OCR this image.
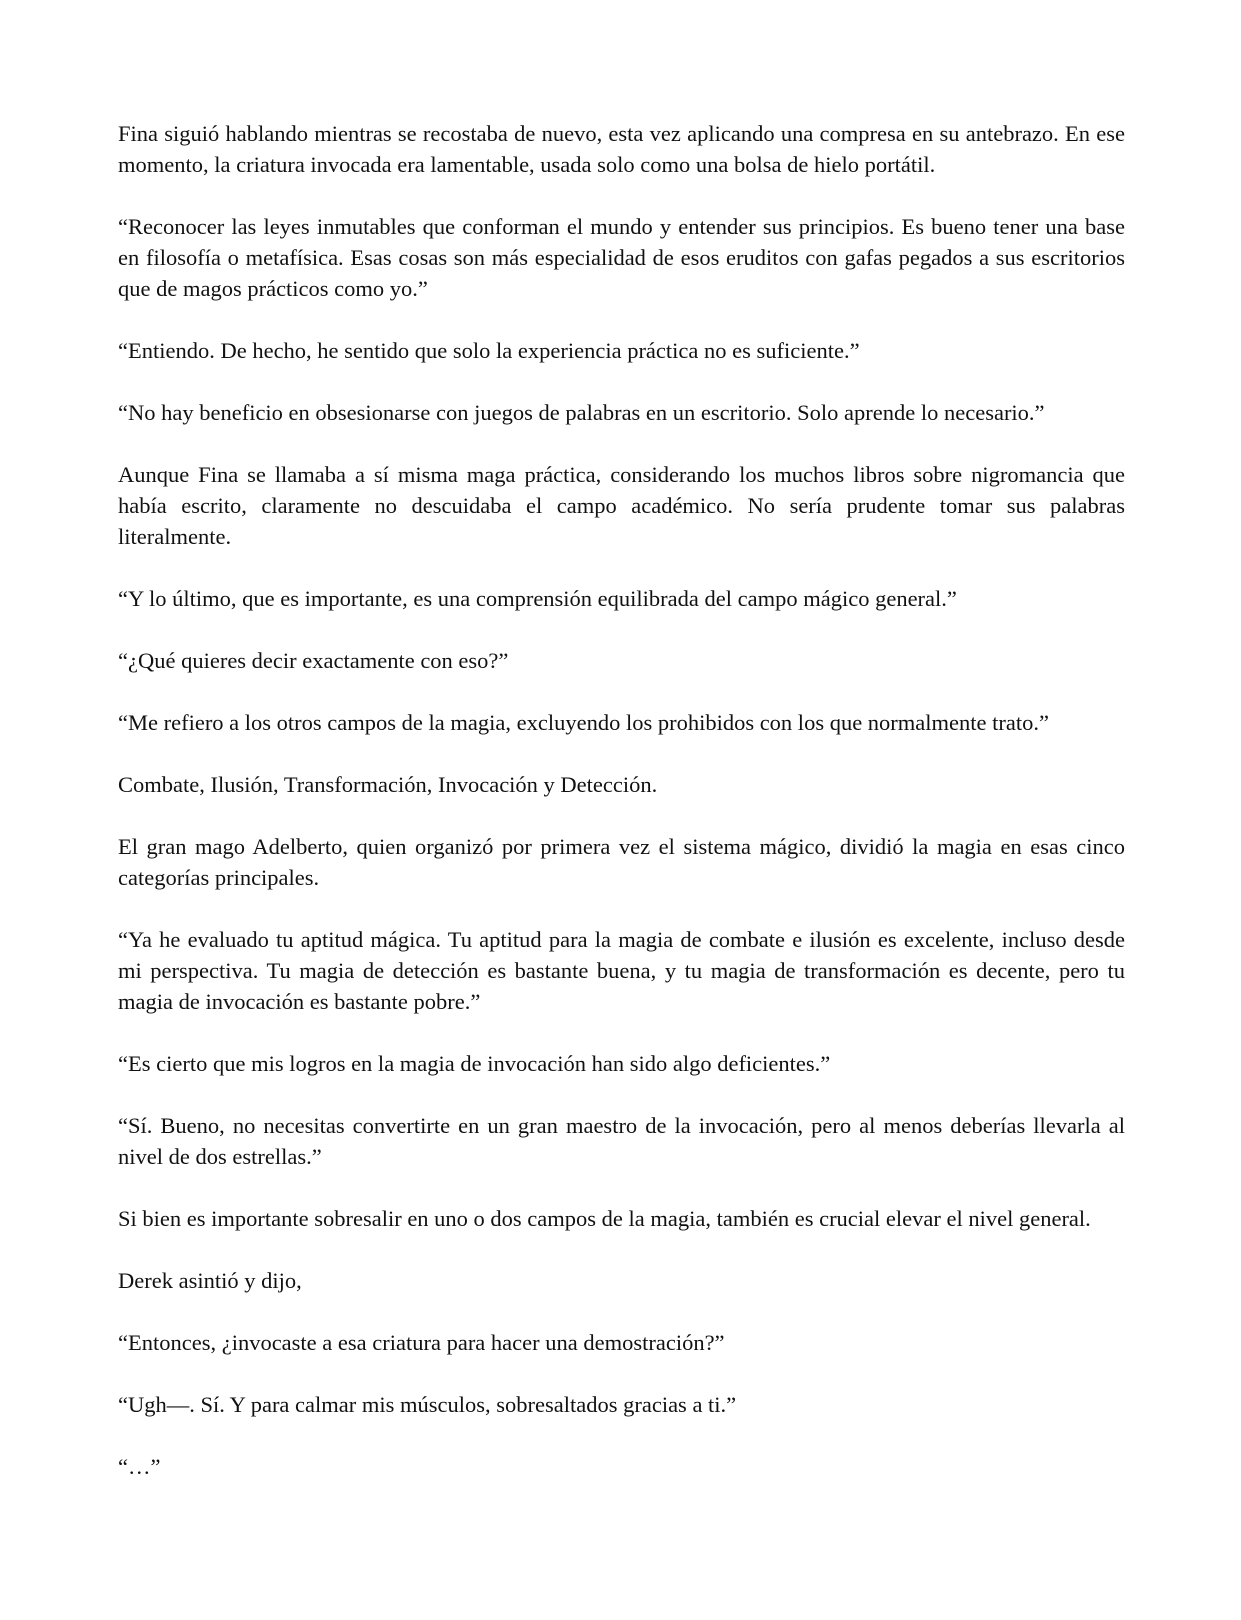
Fina siguió hablando mientras se recostaba de nuevo, esta vez aplicando una compresa en su antebrazo. En ese momento, la criatura invocada era lamentable, usada solo como una bolsa de hielo portátil.

“Reconocer las leyes inmutables que conforman el mundo y entender sus principios. Es bueno tener una base en filosofía o metafísica. Esas cosas son más especialidad de esos eruditos con gafas pegados a sus escritorios que de magos prácticos como yo.”

“Entiendo. De hecho, he sentido que solo la experiencia práctica no es suficiente.”

“No hay beneficio en obsesionarse con juegos de palabras en un escritorio. Solo aprende lo necesario.”

Aunque Fina se llamaba a sí misma maga práctica, considerando los muchos libros sobre nigromancia que había escrito, claramente no descuidaba el campo académico. No sería prudente tomar sus palabras literalmente.

“Y lo último, que es importante, es una comprensión equilibrada del campo mágico general.”

“¿Qué quieres decir exactamente con eso?”

“Me refiero a los otros campos de la magia, excluyendo los prohibidos con los que normalmente trato.”

Combate, Ilusión, Transformación, Invocación y Detección.

El gran mago Adelberto, quien organizó por primera vez el sistema mágico, dividió la magia en esas cinco categorías principales.

“Ya he evaluado tu aptitud mágica. Tu aptitud para la magia de combate e ilusión es excelente, incluso desde mi perspectiva. Tu magia de detección es bastante buena, y tu magia de transformación es decente, pero tu magia de invocación es bastante pobre.”

“Es cierto que mis logros en la magia de invocación han sido algo deficientes.”

“Sí. Bueno, no necesitas convertirte en un gran maestro de la invocación, pero al menos deberías llevarla al nivel de dos estrellas.”

Si bien es importante sobresalir en uno o dos campos de la magia, también es crucial elevar el nivel general.

Derek asintió y dijo,

“Entonces, ¿invocaste a esa criatura para hacer una demostración?”

“Ugh—. Sí. Y para calmar mis músculos, sobresaltados gracias a ti.”

“…”
